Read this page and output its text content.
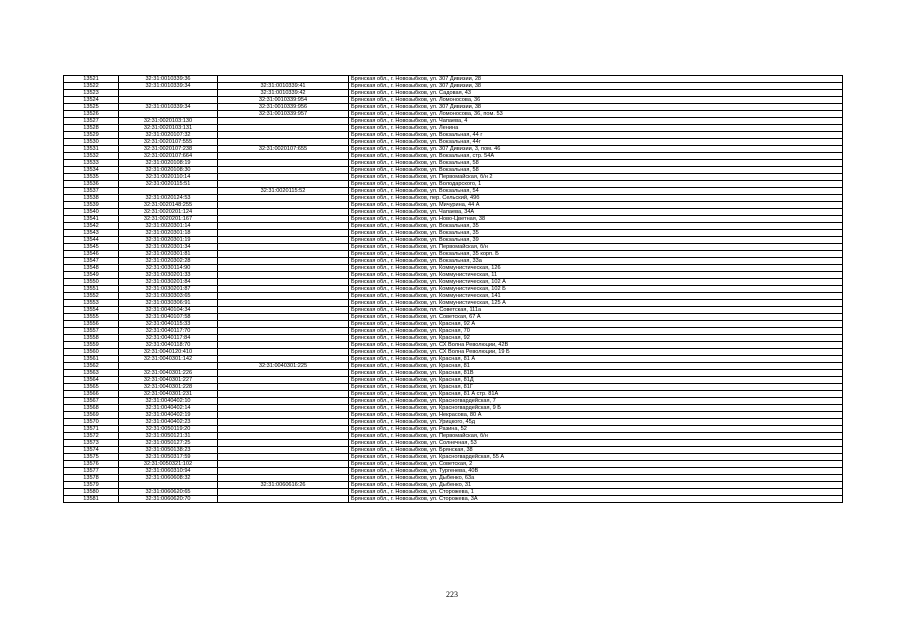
13521	32:31:0010339:36		Брянская обл., г. Новозыбков, ул. 307 Дивизии, 28
13522	32:31:0010339:34	32:31:0010339:41	Брянская обл., г. Новозыбков, ул. 307 Дивизии, 38
13523		32:31:0010339:42	Брянская обл., г. Новозыбков, ул. Садовая, 43
13524		32:31:0010339:954	Брянская обл., г. Новозыбков, ул. Ломоносова, 36
13525	32:31:0010339:34	32:31:0010339:956	Брянская обл., г. Новозыбков, ул. 307 Дивизии, 38
13526		32:31:0010339:957	Брянская обл., г. Новозыбков, ул. Ломоносова, 36, пом. 53
13527	32:31:0020103:130		Брянская обл., г. Новозыбков, ул. Чапаева, 4
13528	32:31:0020103:131		Брянская обл., г. Новозыбков, ул. Ленина
13529	32:31:0020107:32		Брянская обл., г. Новозыбков, ул. Вокзальная, 44 г
13530	32:31:0020107:555		Брянская обл., г. Новозыбков, ул. Вокзальная, 44г
13531	32:31:0020107:238	32:31:0020107:655	Брянская обл., г. Новозыбков, ул. 307 Дивизии, 3, пом. 46
13532	32:31:0020107:664		Брянская обл., г. Новозыбков, ул. Вокзальная, стр. 54А
13533	32:31:0020108:19		Брянская обл., г. Новозыбков, ул. Вокзальная, 58
13534	32:31:0020108:30		Брянская обл., г. Новозыбков, ул. Вокзальная, 58
13535	32:31:0020110:14		Брянская обл., г. Новозыбков, ул. Первомайская, б/н 2
13536	32:31:0020115:51		Брянская обл., г. Новозыбков, ул. Володарского, 1
13537		32:31:0020115:52	Брянская обл., г. Новозыбков, ул. Вокзальная, 54
13538	32:31:0020124:53		Брянская обл., г. Новозыбков, пер. Сельский, 49б
13539	32:31:0020148:255		Брянская обл., г. Новозыбков, ул. Мичурина, 44 А
13540	32:31:0020201:124		Брянская обл., г. Новозыбков, ул. Чапаева, 34А
13541	32:31:0020201:167		Брянская обл., г. Новозыбков, ул. Ново-Цветная, 38
13542	32:31:0020301:14		Брянская обл., г. Новозыбков, ул. Вокзальная, 35
13543	32:31:0020301:18		Брянская обл., г. Новозыбков, ул. Вокзальная, 35
13544	32:31:0020301:19		Брянская обл., г. Новозыбков, ул. Вокзальная, 39
13545	32:31:0020301:34		Брянская обл., г. Новозыбков, ул. Первомайская, б/н
13546	32:31:0020301:81		Брянская обл., г. Новозыбков, ул. Вокзальная, 35 корп. Б
13547	32:31:0020302:28		Брянская обл., г. Новозыбков, ул. Вокзальная, 33а
13548	32:31:0030114:90		Брянская обл., г. Новозыбков, ул. Коммунистическая, 126
13549	32:31:0030201:33		Брянская обл., г. Новозыбков, ул. Коммунистическая, 11
13550	32:31:0030201:84		Брянская обл., г. Новозыбков, ул. Коммунистическая, 102 А
13551	32:31:0030201:87		Брянская обл., г. Новозыбков, ул. Коммунистическая, 102 Б
13552	32:31:0030303:65		Брянская обл., г. Новозыбков, ул. Коммунистическая, 141
13553	32:31:0030306:91		Брянская обл., г. Новозыбков, ул. Коммунистическая, 125 А
13554	32:31:0040104:34		Брянская обл., г. Новозыбков, пл. Советская, 111а
13555	32:31:0040107:58		Брянская обл., г. Новозыбков, ул. Советская, 67 А
13556	32:31:0040115:33		Брянская обл., г. Новозыбков, ул. Красная, 92 А
13557	32:31:0040117:70		Брянская обл., г. Новозыбков, ул. Красная, 70
13558	32:31:0040117:84		Брянская обл., г. Новозыбков, ул. Красная, 92
13559	32:31:0040118:70		Брянская обл., г. Новозыбков, ул. СХ Волна Революции, 42В
13560	32:31:0040120:410		Брянская обл., г. Новозыбков, ул. СХ Волна Революции, 19 Б
13561	32:31:0040301:142		Брянская обл., г. Новозыбков, ул. Красная, 81 А
13562		32:31:0040301:225	Брянская обл., г. Новозыбков, ул. Красная, 81
13563	32:31:0040301:226		Брянская обл., г. Новозыбков, ул. Красная, 81В
13564	32:31:0040301:227		Брянская обл., г. Новозыбков, ул. Красная, 81Д
13565	32:31:0040301:228		Брянская обл., г. Новозыбков, ул. Красная, 81Г
13566	32:31:0040301:231		Брянская обл., г. Новозыбков, ул. Красная, 81 А стр. 81А
13567	32:31:0040402:10		Брянская обл., г. Новозыбков, ул. Красногвардейская, 7
13568	32:31:0040402:14		Брянская обл., г. Новозыбков, ул. Красногвардейская, 9 Б
13569	32:31:0040402:19		Брянская обл., г. Новозыбков, ул. Некрасова, 80 А
13570	32:31:0040402:23		Брянская обл., г. Новозыбков, ул. Урицкого, 45д
13571	32:31:0050119:20		Брянская обл., г. Новозыбков, ул. Разина, 52
13572	32:31:0050121:31		Брянская обл., г. Новозыбков, ул. Первомайская, б/н
13573	32:31:0050127:25		Брянская обл., г. Новозыбков, ул. Солнечная, 53
13574	32:31:0050138:23		Брянская обл., г. Новозыбков, ул. Брянская, 38
13575	32:31:0050317:59		Брянская обл., г. Новозыбков, ул. Красногвардейская, 55 А
13576	32:31:0050321:102		Брянская обл., г. Новозыбков, ул. Советская, 2
13577	32:31:0060310:94		Брянская обл., г. Новозыбков, ул. Тургенева, 40В
13578	32:31:0060608:32		Брянская обл., г. Новозыбков, ул. Дыбенко, 63а
13579		32:31:0060616:26	Брянская обл., г. Новозыбков, ул. Дыбенко, 31
13580	32:31:0060620:65		Брянская обл., г. Новозыбков, ул. Сторожева, 1
13581	32:31:0060620:70		Брянская обл., г. Новозыбков, ул. Сторожева, 3А
223
